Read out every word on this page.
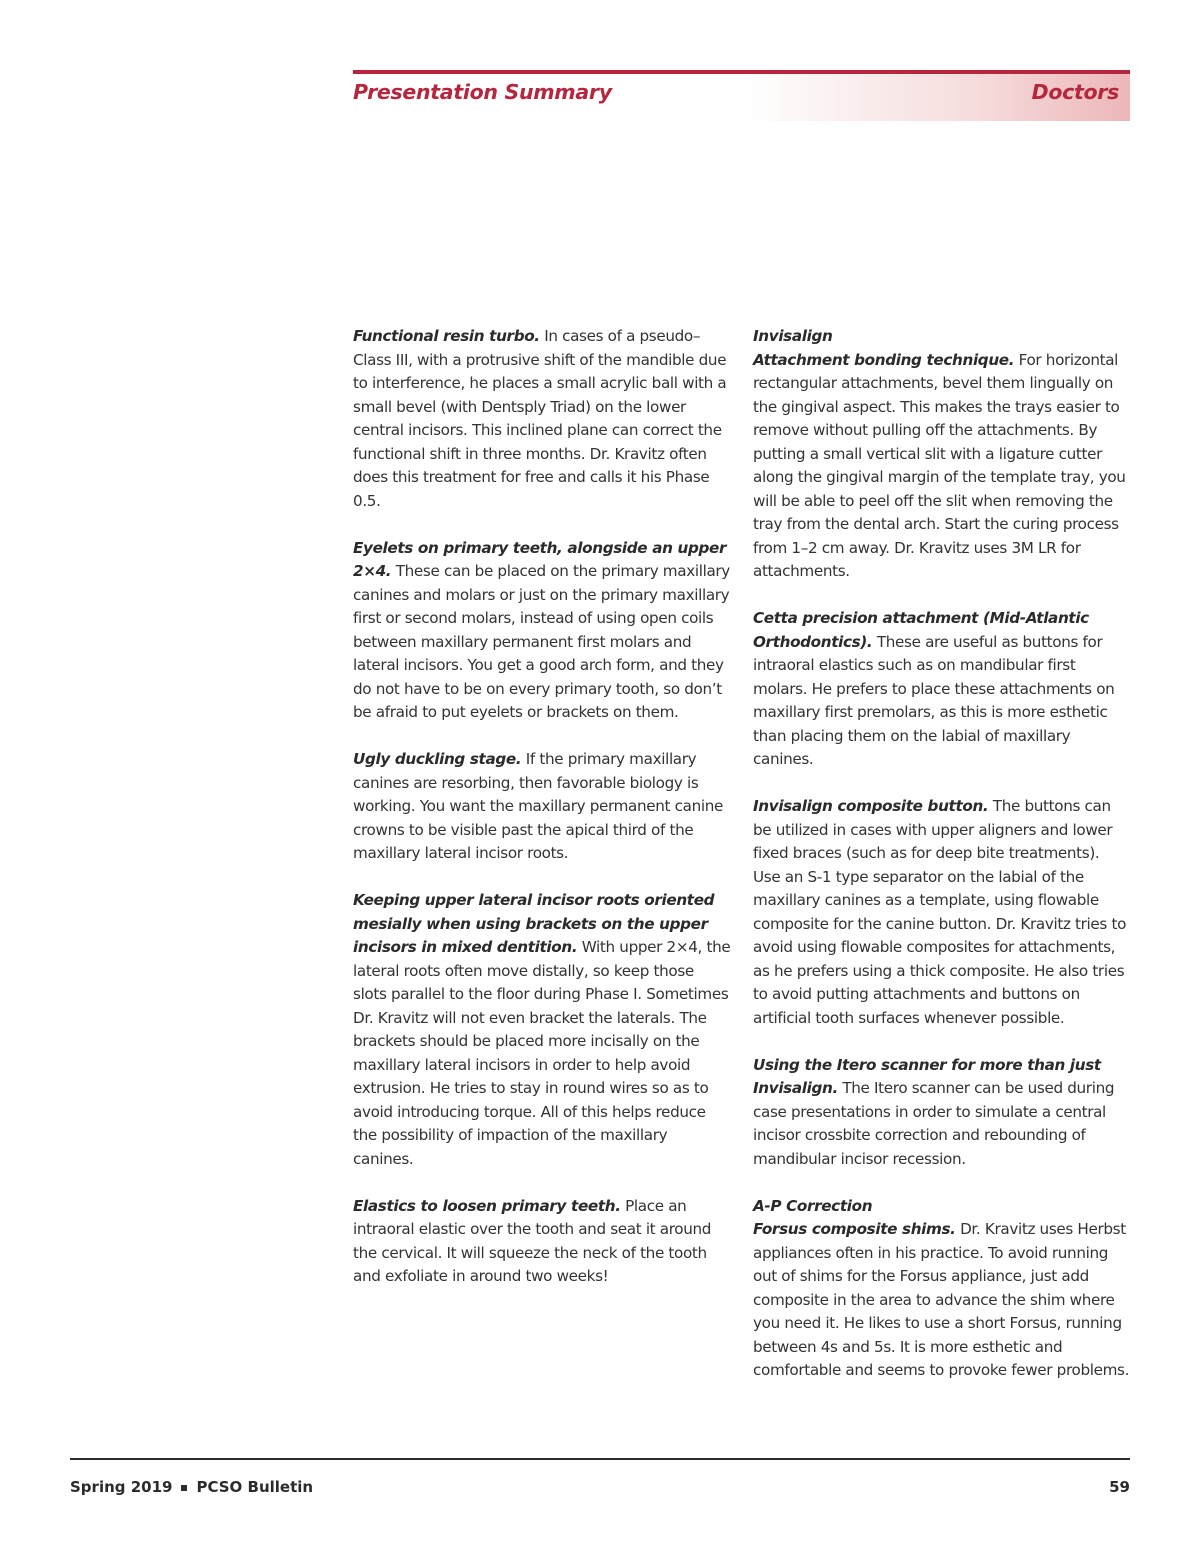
Presentation Summary	Doctors

Functional resin turbo. In cases of a pseudo–Class III, with a protrusive shift of the mandible due to interference, he places a small acrylic ball with a small bevel (with Dentsply Triad) on the lower central incisors. This inclined plane can correct the functional shift in three months. Dr. Kravitz often does this treatment for free and calls it his Phase 0.5.

Eyelets on primary teeth, alongside an upper 2×4. These can be placed on the primary maxillary canines and molars or just on the primary maxillary first or second molars, instead of using open coils between maxillary permanent first molars and lateral incisors. You get a good arch form, and they do not have to be on every primary tooth, so don’t be afraid to put eyelets or brackets on them.

Ugly duckling stage. If the primary maxillary canines are resorbing, then favorable biology is working. You want the maxillary permanent canine crowns to be visible past the apical third of the maxillary lateral incisor roots.

Keeping upper lateral incisor roots oriented mesially when using brackets on the upper incisors in mixed dentition. With upper 2×4, the lateral roots often move distally, so keep those slots parallel to the floor during Phase I. Sometimes Dr. Kravitz will not even bracket the laterals. The brackets should be placed more incisally on the maxillary lateral incisors in order to help avoid extrusion. He tries to stay in round wires so as to avoid introducing torque. All of this helps reduce the possibility of impaction of the maxillary canines.

Elastics to loosen primary teeth. Place an intraoral elastic over the tooth and seat it around the cervical. It will squeeze the neck of the tooth and exfoliate in around two weeks!

Invisalign

Attachment bonding technique. For horizontal rectangular attachments, bevel them lingually on the gingival aspect. This makes the trays easier to remove without pulling off the attachments. By putting a small vertical slit with a ligature cutter along the gingival margin of the template tray, you will be able to peel off the slit when removing the tray from the dental arch. Start the curing process from 1–2 cm away. Dr. Kravitz uses 3M LR for attachments.

Cetta precision attachment (Mid-Atlantic Orthodontics). These are useful as buttons for intraoral elastics such as on mandibular first molars. He prefers to place these attachments on maxillary first premolars, as this is more esthetic than placing them on the labial of maxillary canines.

Invisalign composite button. The buttons can be utilized in cases with upper aligners and lower fixed braces (such as for deep bite treatments). Use an S-1 type separator on the labial of the maxillary canines as a template, using flowable composite for the canine button. Dr. Kravitz tries to avoid using flowable composites for attachments, as he prefers using a thick composite. He also tries to avoid putting attachments and buttons on artificial tooth surfaces whenever possible.

Using the Itero scanner for more than just Invisalign. The Itero scanner can be used during case presentations in order to simulate a central incisor crossbite correction and rebounding of mandibular incisor recession.

A-P Correction

Forsus composite shims. Dr. Kravitz uses Herbst appliances often in his practice. To avoid running out of shims for the Forsus appliance, just add composite in the area to advance the shim where you need it. He likes to use a short Forsus, running between 4s and 5s. It is more esthetic and comfortable and seems to provoke fewer problems.

Spring 2019 PCSO Bulletin	59
